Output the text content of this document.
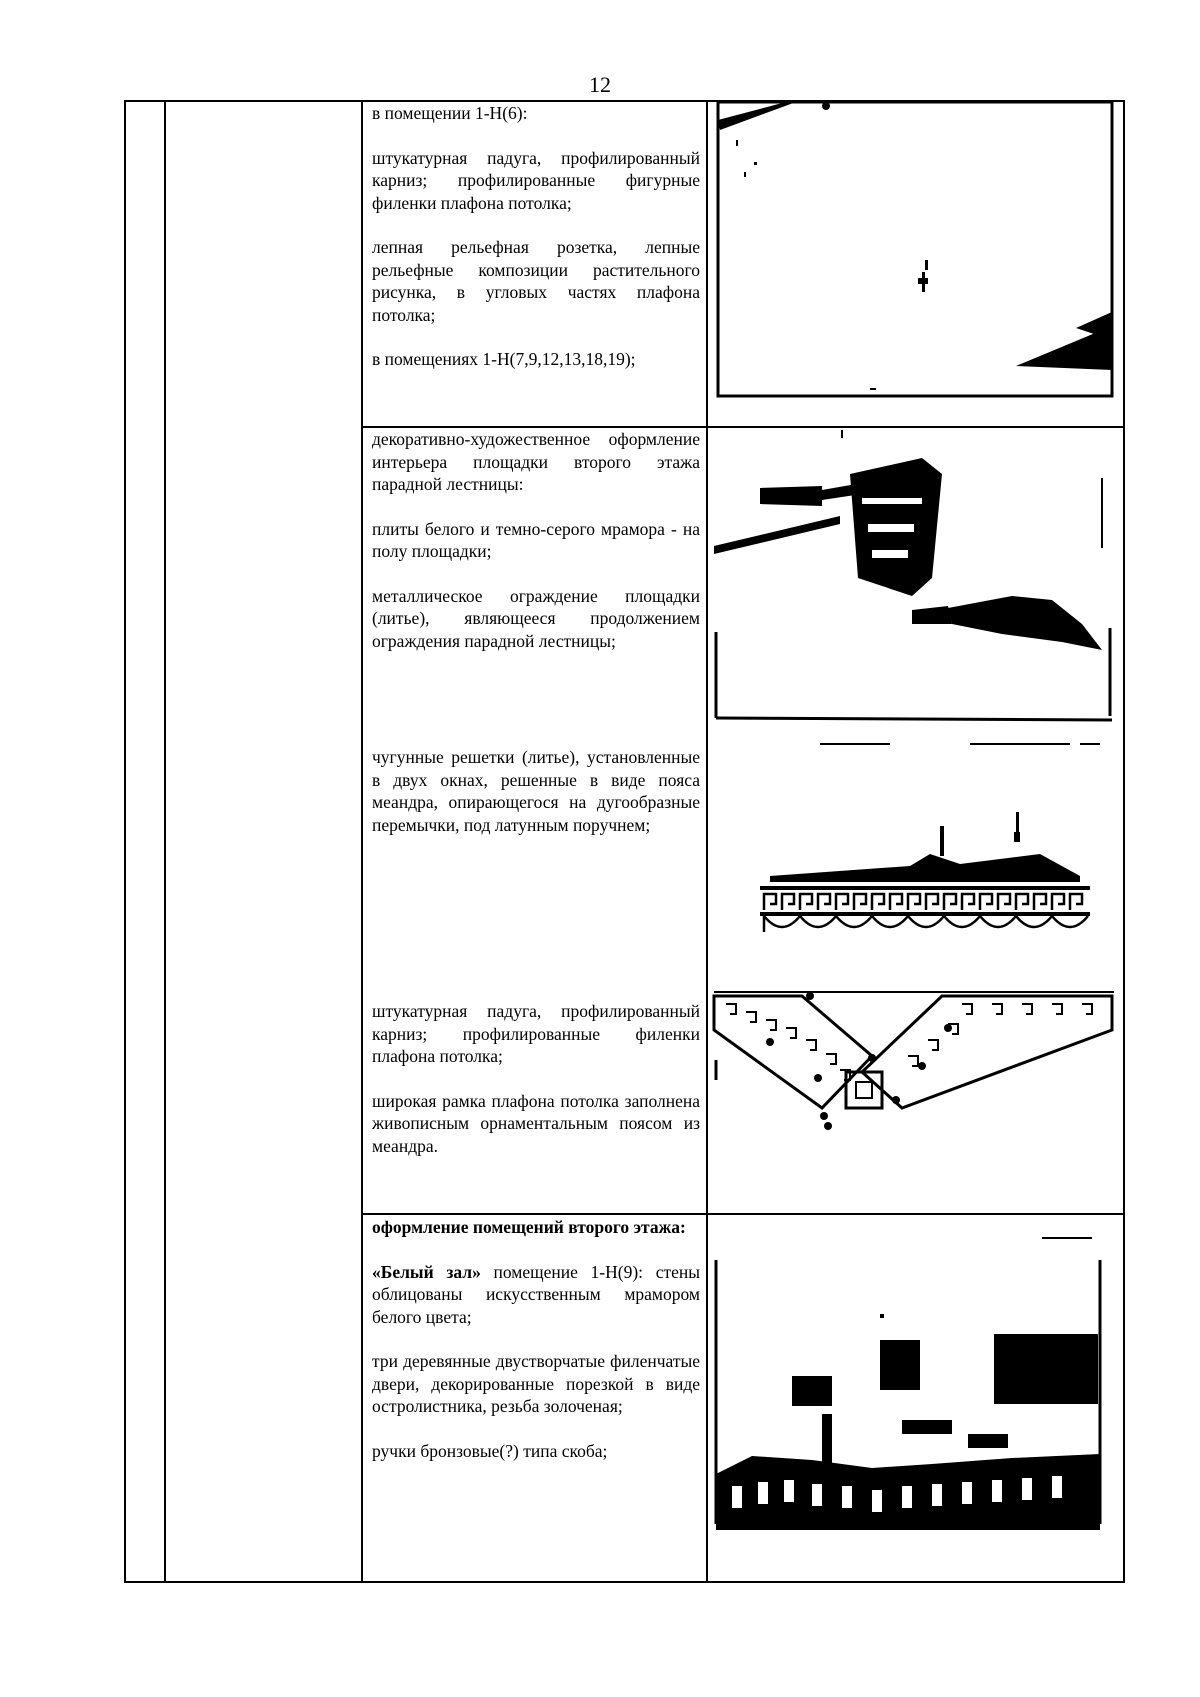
12

в помещении 1-Н(6):

штукатурная падуга, профилированный карниз; профилированные фигурные филенки плафона потолка;

лепная рельефная розетка, лепные рельефные композиции растительного рисунка, в угловых частях плафона потолка;

в помещениях 1-Н(7,9,12,13,18,19);

декоративно-художественное оформление интерьера площадки второго этажа парадной лестницы:

плиты белого и темно-серого мрамора - на полу площадки;

металлическое ограждение площадки (литье), являющееся продолжением ограждения парадной лестницы;

чугунные решетки (литье), установленные в двух окнах, решенные в виде пояса меандра, опирающегося на дугообразные перемычки, под латунным поручнем;

штукатурная падуга, профилированный карниз; профилированные филенки плафона потолка;

широкая рамка плафона потолка заполнена живописным орнаментальным поясом из меандра.

оформление помещений второго этажа:

«Белый зал» помещение 1-Н(9): стены облицованы искусственным мрамором белого цвета;

три деревянные двустворчатые филенчатые двери, декорированные порезкой в виде остролистника, резьба золоченая;

ручки бронзовые(?) типа скоба;
